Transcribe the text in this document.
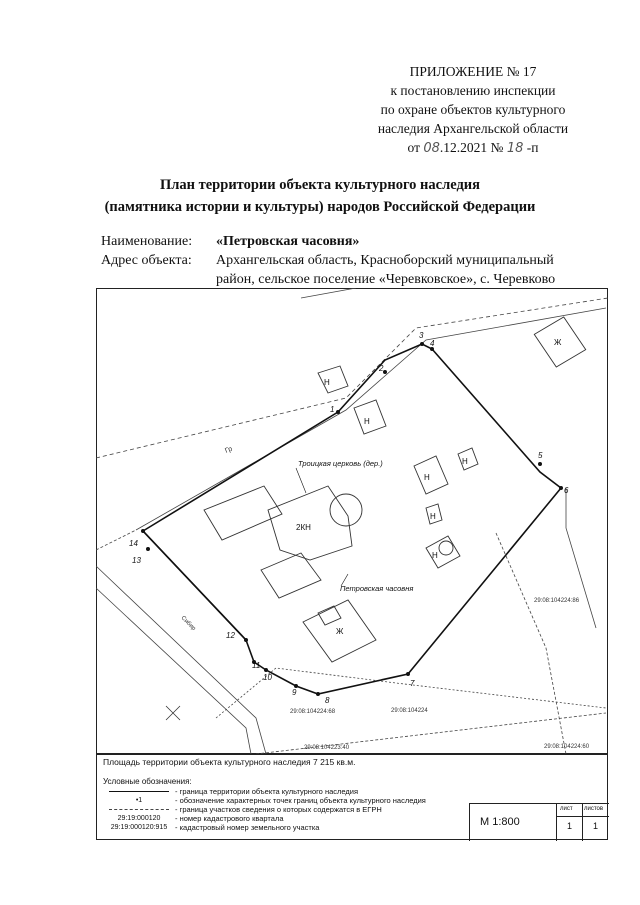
ПРИЛОЖЕНИЕ № 17
к постановлению инспекции
по охране объектов культурного
наследия Архангельской области
от 08.12.2021 № 18 -п
План территории объекта культурного наследия
(памятника истории и культуры) народов Российской Федерации
Наименование:	«Петровская часовня»
Адрес объекта:	Архангельская область, Красноборский муниципальный
район, сельское поселение «Черевковское», с. Черевково
1
2
3
4
5
6
7
8
9
10
11
12
13
14
2КН
Н
Н
Н
Н
Н
Н
Ж
Ж
Троицкая церковь (дер.)
Петровская часовня
Гр
Сибир
29:08:104224:86
29:08:104224:68	29:08:104224
29:08:104223:40	29:08:104224:60
Площадь территории объекта культурного наследия 7 215 кв.м.
Условные обозначения:
- граница территории объекта культурного наследия
•1	- обозначение характерных точек границ объекта культурного наследия
- граница участков сведения о которых содержатся в ЕГРН
29:19:000120	- номер кадастрового квартала
29:19:000120:915	- кадастровый номер земельного участка	М 1:800
лист листов
1 1
